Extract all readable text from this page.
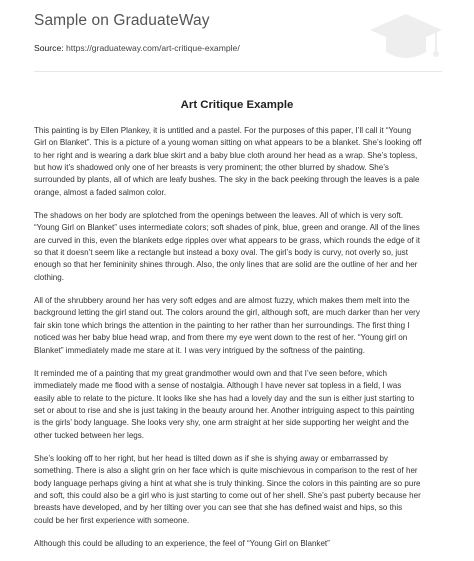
Sample on GraduateWay
Source: https://graduateway.com/art-critique-example/
Art Critique Example

This painting is by Ellen Plankey, it is untitled and a pastel. For the purposes of this paper, I’ll call it “Young
Girl on Blanket”. This is a picture of a young woman sitting on what appears to be a blanket. She’s looking off
to her right and is wearing a dark blue skirt and a baby blue cloth around her head as a wrap. She’s topless,
but how it’s shadowed only one of her breasts is very prominent; the other blurred by shadow. She’s
surrounded by plants, all of which are leafy bushes. The sky in the back peeking through the leaves is a pale
orange, almost a faded salmon color.

The shadows on her body are splotched from the openings between the leaves. All of which is very soft.
“Young Girl on Blanket” uses intermediate colors; soft shades of pink, blue, green and orange. All of the lines
are curved in this, even the blankets edge ripples over what appears to be grass, which rounds the edge of it
so that it doesn’t seem like a rectangle but instead a boxy oval. The girl’s body is curvy, not overly so, just
enough so that her femininity shines through. Also, the only lines that are solid are the outline of her and her
clothing.

All of the shrubbery around her has very soft edges and are almost fuzzy, which makes them melt into the
background letting the girl stand out. The colors around the girl, although soft, are much darker than her very
fair skin tone which brings the attention in the painting to her rather than her surroundings. The first thing I
noticed was her baby blue head wrap, and from there my eye went down to the rest of her. “Young girl on
Blanket” immediately made me stare at it. I was very intrigued by the softness of the painting.

It reminded me of a painting that my great grandmother would own and that I’ve seen before, which
immediately made me flood with a sense of nostalgia. Although I have never sat topless in a field, I was
easily able to relate to the picture. It looks like she has had a lovely day and the sun is either just starting to
set or about to rise and she is just taking in the beauty around her. Another intriguing aspect to this painting
is the girls’ body language. She looks very shy, one arm straight at her side supporting her weight and the
other tucked between her legs.

She’s looking off to her right, but her head is tilted down as if she is shying away or embarrassed by
something. There is also a slight grin on her face which is quite mischievous in comparison to the rest of her
body language perhaps giving a hint at what she is truly thinking. Since the colors in this painting are so pure
and soft, this could also be a girl who is just starting to come out of her shell. She’s past puberty because her
breasts have developed, and by her tilting over you can see that she has defined waist and hips, so this
could be her first experience with someone.

Although this could be alluding to an experience, the feel of “Young Girl on Blanket”
